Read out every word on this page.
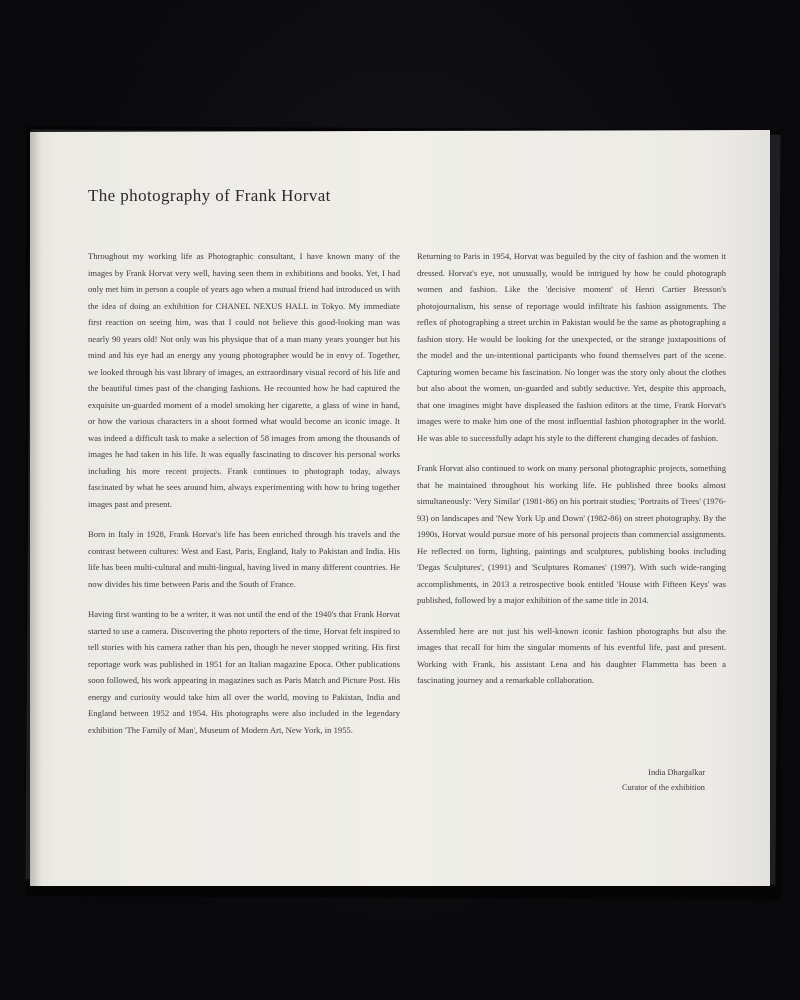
The photography of Frank Horvat

Throughout my working life as Photographic consultant, I have known many of the images by Frank Horvat very well, having seen them in exhibitions and books. Yet, I had only met him in person a couple of years ago when a mutual friend had introduced us with the idea of doing an exhibition for CHANEL NEXUS HALL in Tokyo. My immediate first reaction on seeing him, was that I could not believe this good-looking man was nearly 90 years old! Not only was his physique that of a man many years younger but his mind and his eye had an energy any young photographer would be in envy of. Together, we looked through his vast library of images, an extraordinary visual record of his life and the beautiful times past of the changing fashions. He recounted how he had captured the exquisite un-guarded moment of a model smoking her cigarette, a glass of wine in hand, or how the various characters in a shoot formed what would become an iconic image. It was indeed a difficult task to make a selection of 58 images from among the thousands of images he had taken in his life. It was equally fascinating to discover his personal works including his more recent projects. Frank continues to photograph today, always fascinated by what he sees around him, always experimenting with how to bring together images past and present.

Born in Italy in 1928, Frank Horvat's life has been enriched through his travels and the contrast between cultures: West and East, Paris, England, Italy to Pakistan and India. His life has been multi-cultural and multi-lingual, having lived in many different countries. He now divides his time between Paris and the South of France.

Having first wanting to be a writer, it was not until the end of the 1940's that Frank Horvat started to use a camera. Discovering the photo reporters of the time, Horvat felt inspired to tell stories with his camera rather than his pen, though he never stopped writing. His first reportage work was published in 1951 for an Italian magazine Epoca. Other publications soon followed, his work appearing in magazines such as Paris Match and Picture Post. His energy and curiosity would take him all over the world, moving to Pakistan, India and England between 1952 and 1954. His photographs were also included in the legendary exhibition 'The Family of Man', Museum of Modern Art, New York, in 1955.

Returning to Paris in 1954, Horvat was beguiled by the city of fashion and the women it dressed. Horvat's eye, not unusually, would be intrigued by how he could photograph women and fashion. Like the 'decisive moment' of Henri Cartier Bresson's photojournalism, his sense of reportage would infiltrate his fashion assignments. The reflex of photographing a street urchin in Pakistan would be the same as photographing a fashion story. He would be looking for the unexpected, or the strange juxtapositions of the model and the un-intentional participants who found themselves part of the scene. Capturing women became his fascination. No longer was the story only about the clothes but also about the women, un-guarded and subtly seductive. Yet, despite this approach, that one imagines might have displeased the fashion editors at the time, Frank Horvat's images were to make him one of the most influential fashion photographer in the world. He was able to successfully adapt his style to the different changing decades of fashion.

Frank Horvat also continued to work on many personal photographic projects, something that he maintained throughout his working life. He published three books almost simultaneously: 'Very Similar' (1981-86) on his portrait studies; 'Portraits of Trees' (1976-93) on landscapes and 'New York Up and Down' (1982-86) on street photography. By the 1990s, Horvat would pursue more of his personal projects than commercial assignments. He reflected on form, lighting, paintings and sculptures, publishing books including 'Degas Sculptures', (1991) and 'Sculptures Romanes' (1997). With such wide-ranging accomplishments, in 2013 a retrospective book entitled 'House with Fifteen Keys' was published, followed by a major exhibition of the same title in 2014.

Assembled here are not just his well-known iconic fashion photographs but also the images that recall for him the singular moments of his eventful life, past and present. Working with Frank, his assistant Lena and his daughter Flammetta has been a fascinating journey and a remarkable collaboration.

India Dhargalkar
Curator of the exhibition
